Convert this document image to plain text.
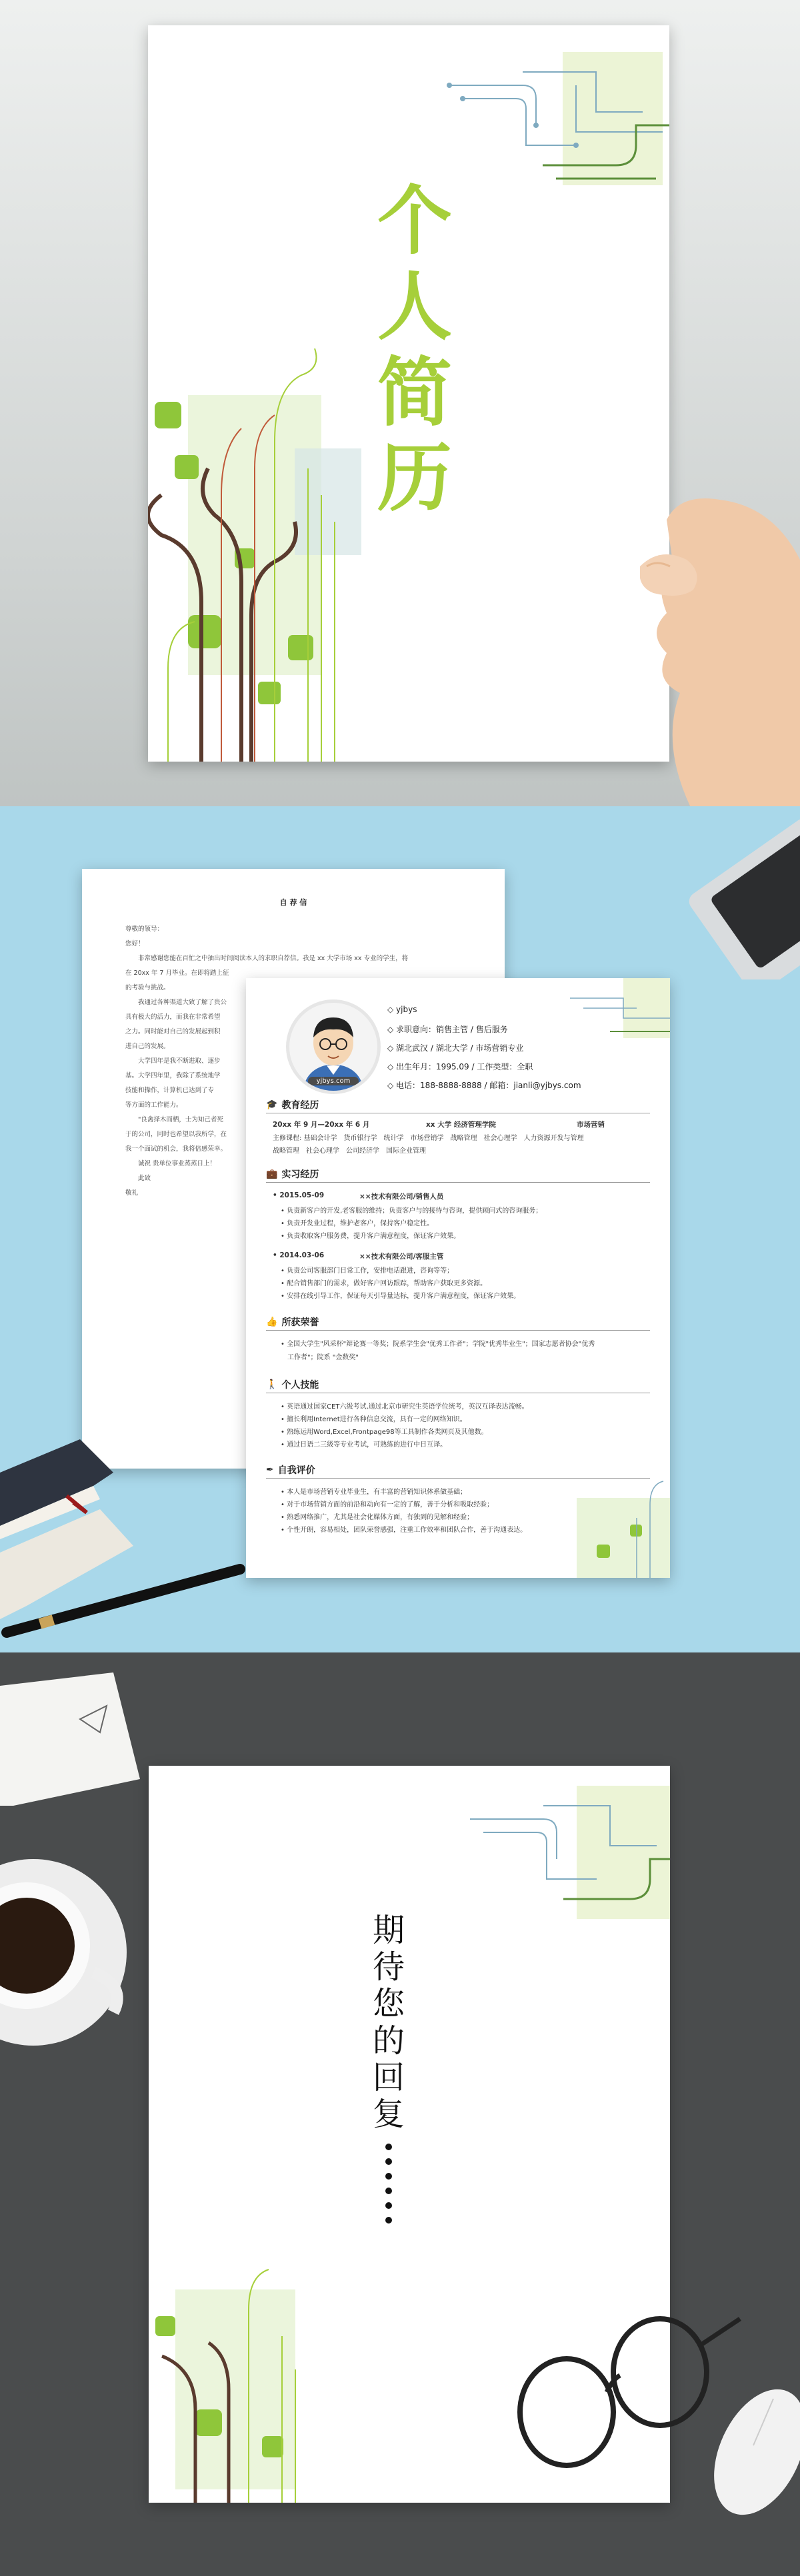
个
人
简
历
自 荐 信

尊敬的领导：

您好！

非常感谢您能在百忙之中抽出时间阅读本人的求职自荐信。我是 xx 大学市场 xx 专业的学生，将

在 20xx 年 7 月毕业。在即将踏上征

的考验与挑战。

我通过各种渠道大致了解了贵公

具有极大的活力，而我在非常希望

之力。同时能对自己的发展起到积

进自己的发展。

大学四年是我不断进取、逐步

基。大学四年里，我除了系统地学

技能和操作，计算机已达到了专

等方面的工作能力。

"良禽择木而栖，士为知己者死

于的公司，同时也希望以我所学，在

我一个面试的机会，我将倍感荣幸。

诚祝 贵单位事业蒸蒸日上！

此致

敬礼

yjbys.com
◇ yjbys
◇ 求职意向：销售主管 / 售后服务
◇ 湖北武汉 / 湖北大学 / 市场营销专业
◇ 出生年月：1995.09 / 工作类型：全职
◇ 电话：188-8888-8888 / 邮箱：jianli@yjbys.com
🎓 教育经历
20xx 年 9 月—20xx 年 6 月	xx 大学 经济管理学院	市场营销
主修课程: 基础会计学　货币银行学　统计学　市场营销学　战略管理　社会心理学　人力资源开发与管理
战略管理　社会心理学　公司经济学　国际企业管理
💼 实习经历
• 2015.05-09	××技术有限公司/销售人员
• 负责新客户的开发,老客服的维持；负责客户与的接待与咨询，提供顾问式的咨询服务；
• 负责开发业过程，维护老客户，保持客户稳定性。
• 负责收取客户服务费，提升客户满意程度，保证客户效果。
• 2014.03-06	××技术有限公司/客服主管
• 负责公司客服部门日常工作，安排电话跟进，咨询等等；
• 配合销售部门的需求，做好客户回访跟踪，帮助客户获取更多资源。
• 安排在线引导工作，保证每天引导量达标，提升客户满意程度，保证客户效果。
👍 所获荣誉
• 全国大学生"风采杯"辩论赛一等奖；院系学生会"优秀工作者"；学院"优秀毕业生"；国家志愿者协会"优秀
工作者"；院系 "金数奖"
🚶 个人技能
• 英语通过国家CET六级考试,通过北京市研究生英语学位统考，英汉互译表达流畅。
• 擅长利用Internet进行各种信息交流，具有一定的网络知识。
• 熟练运用Word,Excel,Frontpage98等工具制作各类网页及其他数。
• 通过日语二三级等专业考试，可熟练的进行中日互译。
✒ 自我评价
• 本人是市场营销专业毕业生，有丰富的营销知识体系做基础；
• 对于市场营销方面的前沿和动向有一定的了解，善于分析和吸取经验；
• 熟悉网络推广，尤其是社会化媒体方面，有独到的见解和经验；
• 个性开朗，容易相处，团队荣誉感强，注重工作效率和团队合作，善于沟通表达。
期
待
您
的
回
复
